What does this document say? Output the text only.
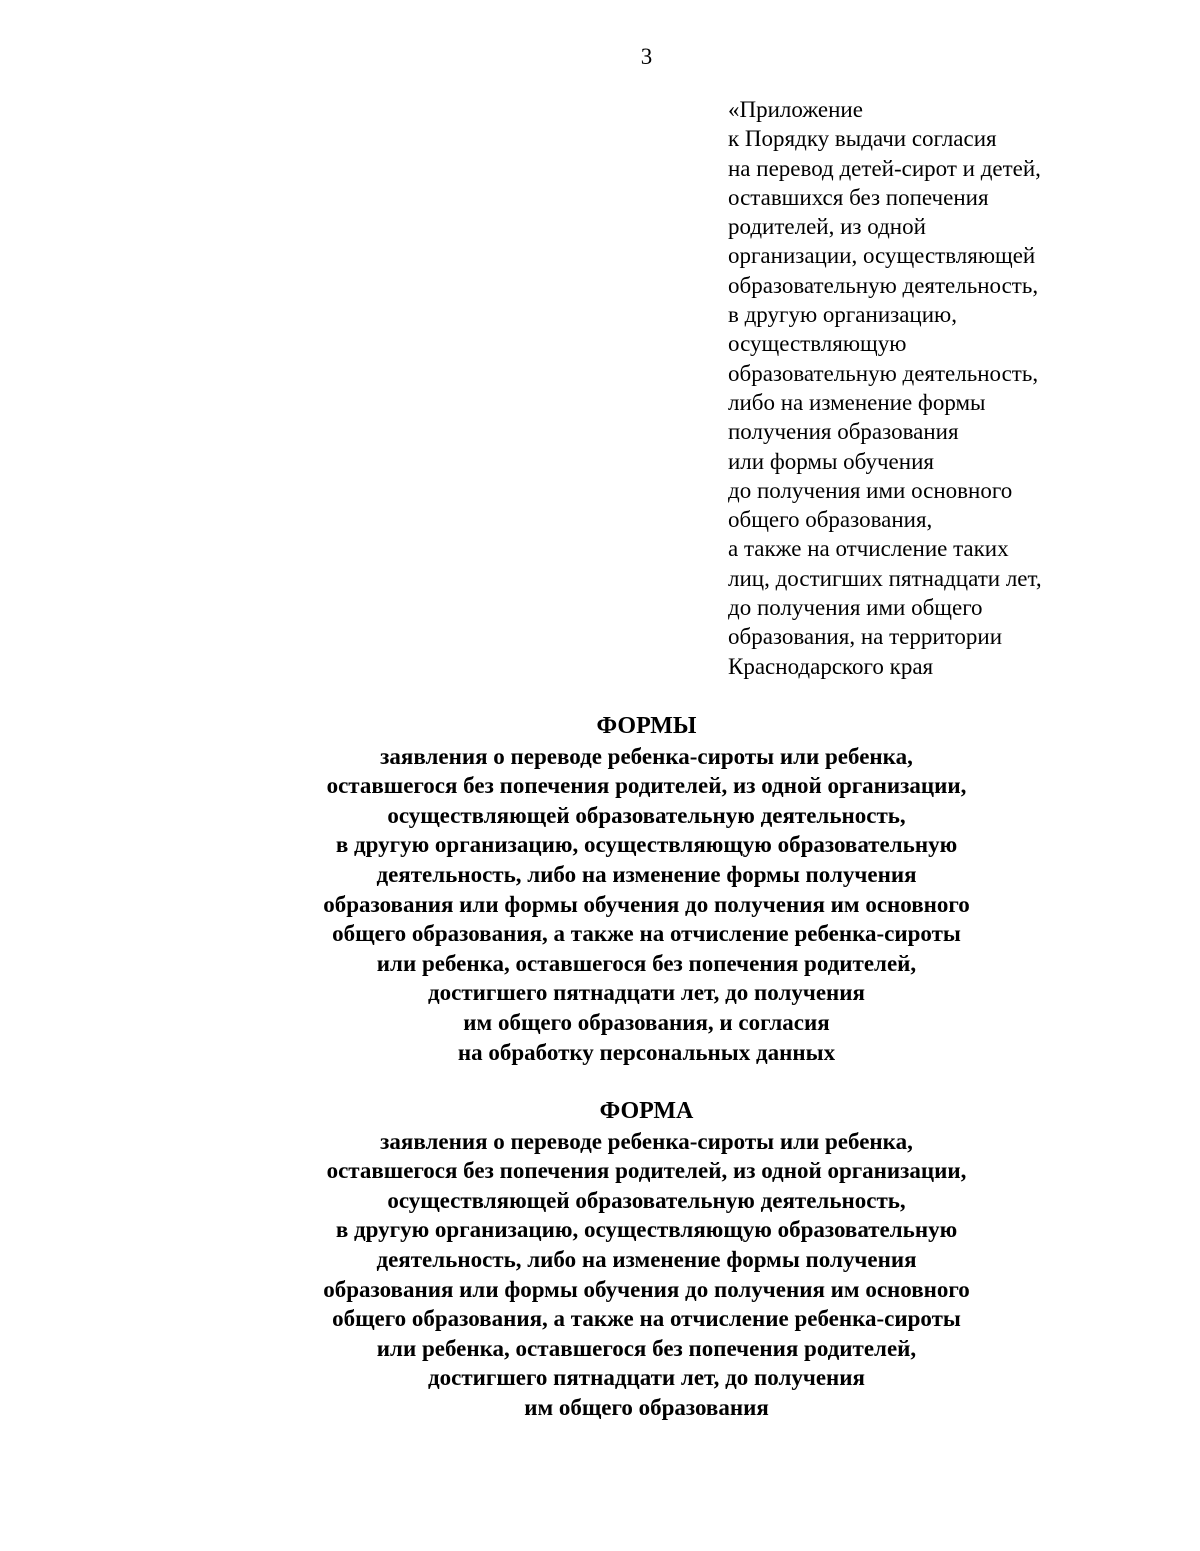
3
«Приложение
к Порядку выдачи согласия
на перевод детей-сирот и детей,
оставшихся без попечения
родителей, из одной
организации, осуществляющей
образовательную деятельность,
в другую организацию,
осуществляющую
образовательную деятельность,
либо на изменение формы
получения образования
или формы обучения
до получения ими основного
общего образования,
а также на отчисление таких
лиц, достигших пятнадцати лет,
до получения ими общего
образования, на территории
Краснодарского края
ФОРМЫ
заявления о переводе ребенка-сироты или ребенка,
оставшегося без попечения родителей, из одной организации,
осуществляющей образовательную деятельность,
в другую организацию, осуществляющую образовательную
деятельность, либо на изменение формы получения
образования или формы обучения до получения им основного
общего образования, а также на отчисление ребенка-сироты
или ребенка, оставшегося без попечения родителей,
достигшего пятнадцати лет, до получения
им общего образования, и согласия
на обработку персональных данных
ФОРМА
заявления о переводе ребенка-сироты или ребенка,
оставшегося без попечения родителей, из одной организации,
осуществляющей образовательную деятельность,
в другую организацию, осуществляющую образовательную
деятельность, либо на изменение формы получения
образования или формы обучения до получения им основного
общего образования, а также на отчисление ребенка-сироты
или ребенка, оставшегося без попечения родителей,
достигшего пятнадцати лет, до получения
им общего образования
